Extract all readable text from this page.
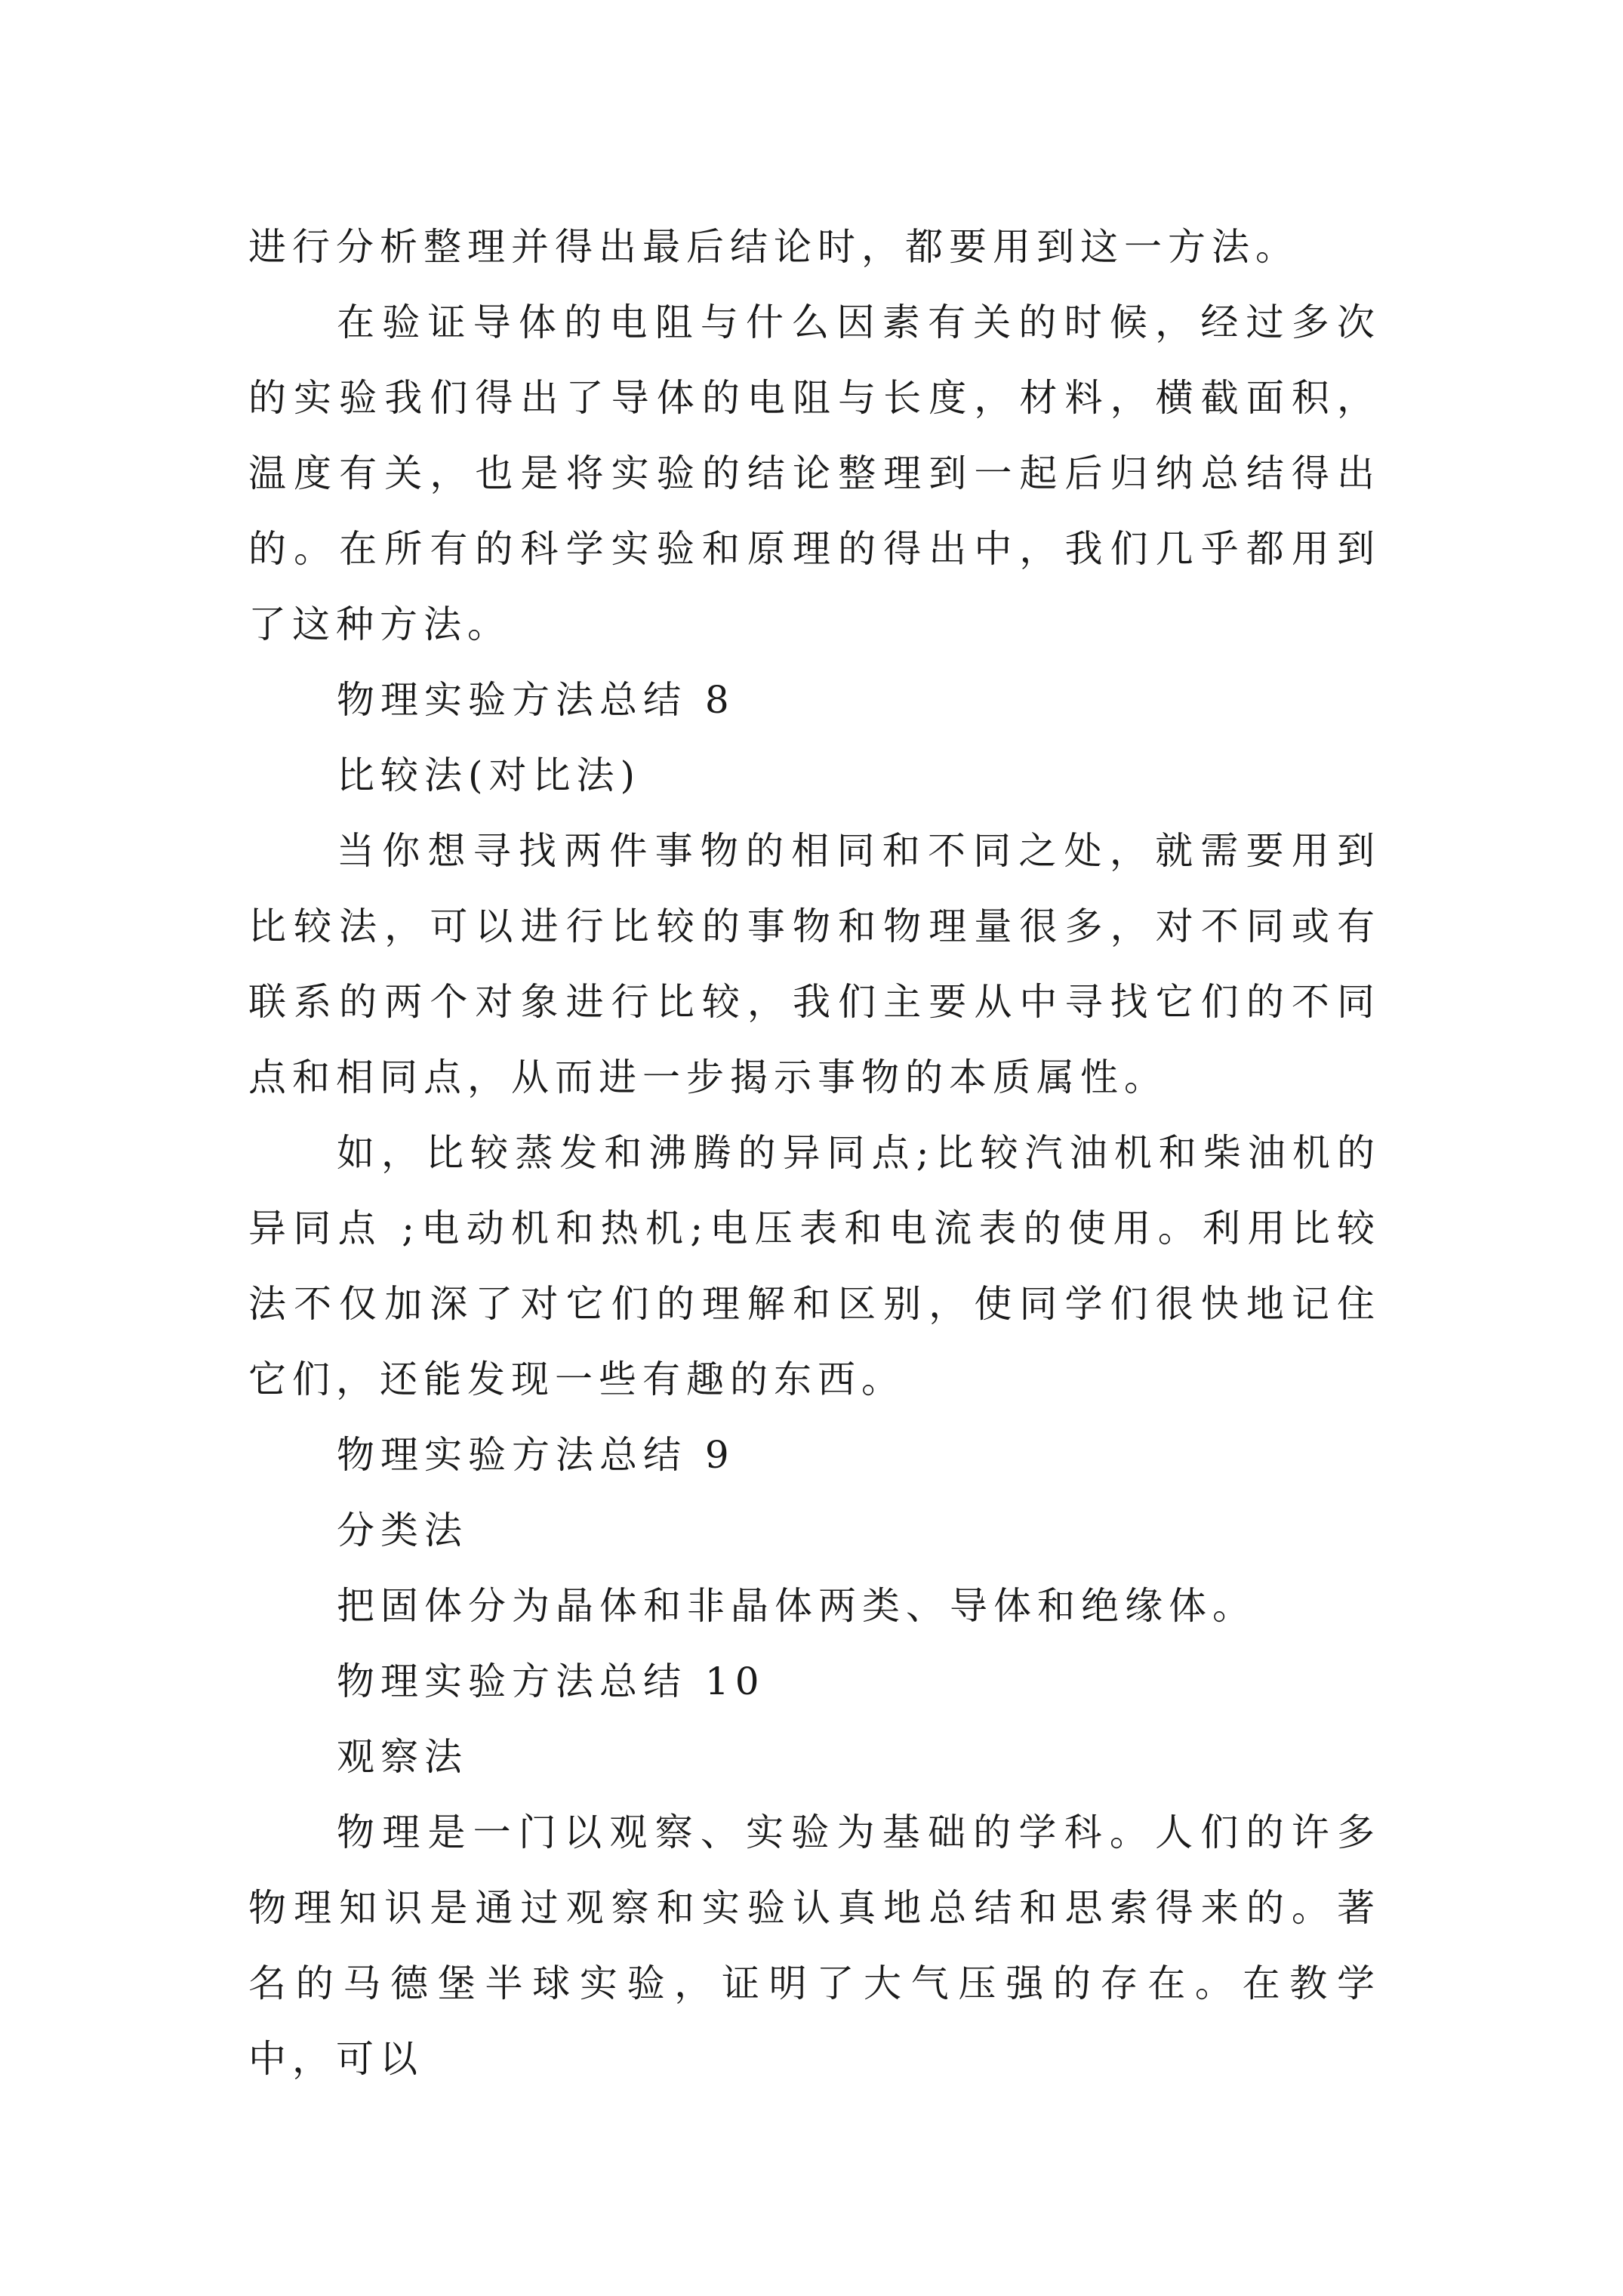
进行分析整理并得出最后结论时，都要用到这一方法。

在验证导体的电阻与什么因素有关的时候，经过多次的实验我们得出了导体的电阻与长度，材料，横截面积，温度有关，也是将实验的结论整理到一起后归纳总结得出的。在所有的科学实验和原理的得出中，我们几乎都用到了这种方法。

物理实验方法总结 8

比较法(对比法)

当你想寻找两件事物的相同和不同之处，就需要用到比较法，可以进行比较的事物和物理量很多，对不同或有联系的两个对象进行比较，我们主要从中寻找它们的不同点和相同点，从而进一步揭示事物的本质属性。

如，比较蒸发和沸腾的异同点;比较汽油机和柴油机的异同点 ;电动机和热机;电压表和电流表的使用。利用比较法不仅加深了对它们的理解和区别，使同学们很快地记住它们，还能发现一些有趣的东西。

物理实验方法总结 9

分类法

把固体分为晶体和非晶体两类、导体和绝缘体。

物理实验方法总结 10

观察法

物理是一门以观察、实验为基础的学科。人们的许多物理知识是通过观察和实验认真地总结和思索得来的。著名的马德堡半球实验，证明了大气压强的存在。在教学中，可以
